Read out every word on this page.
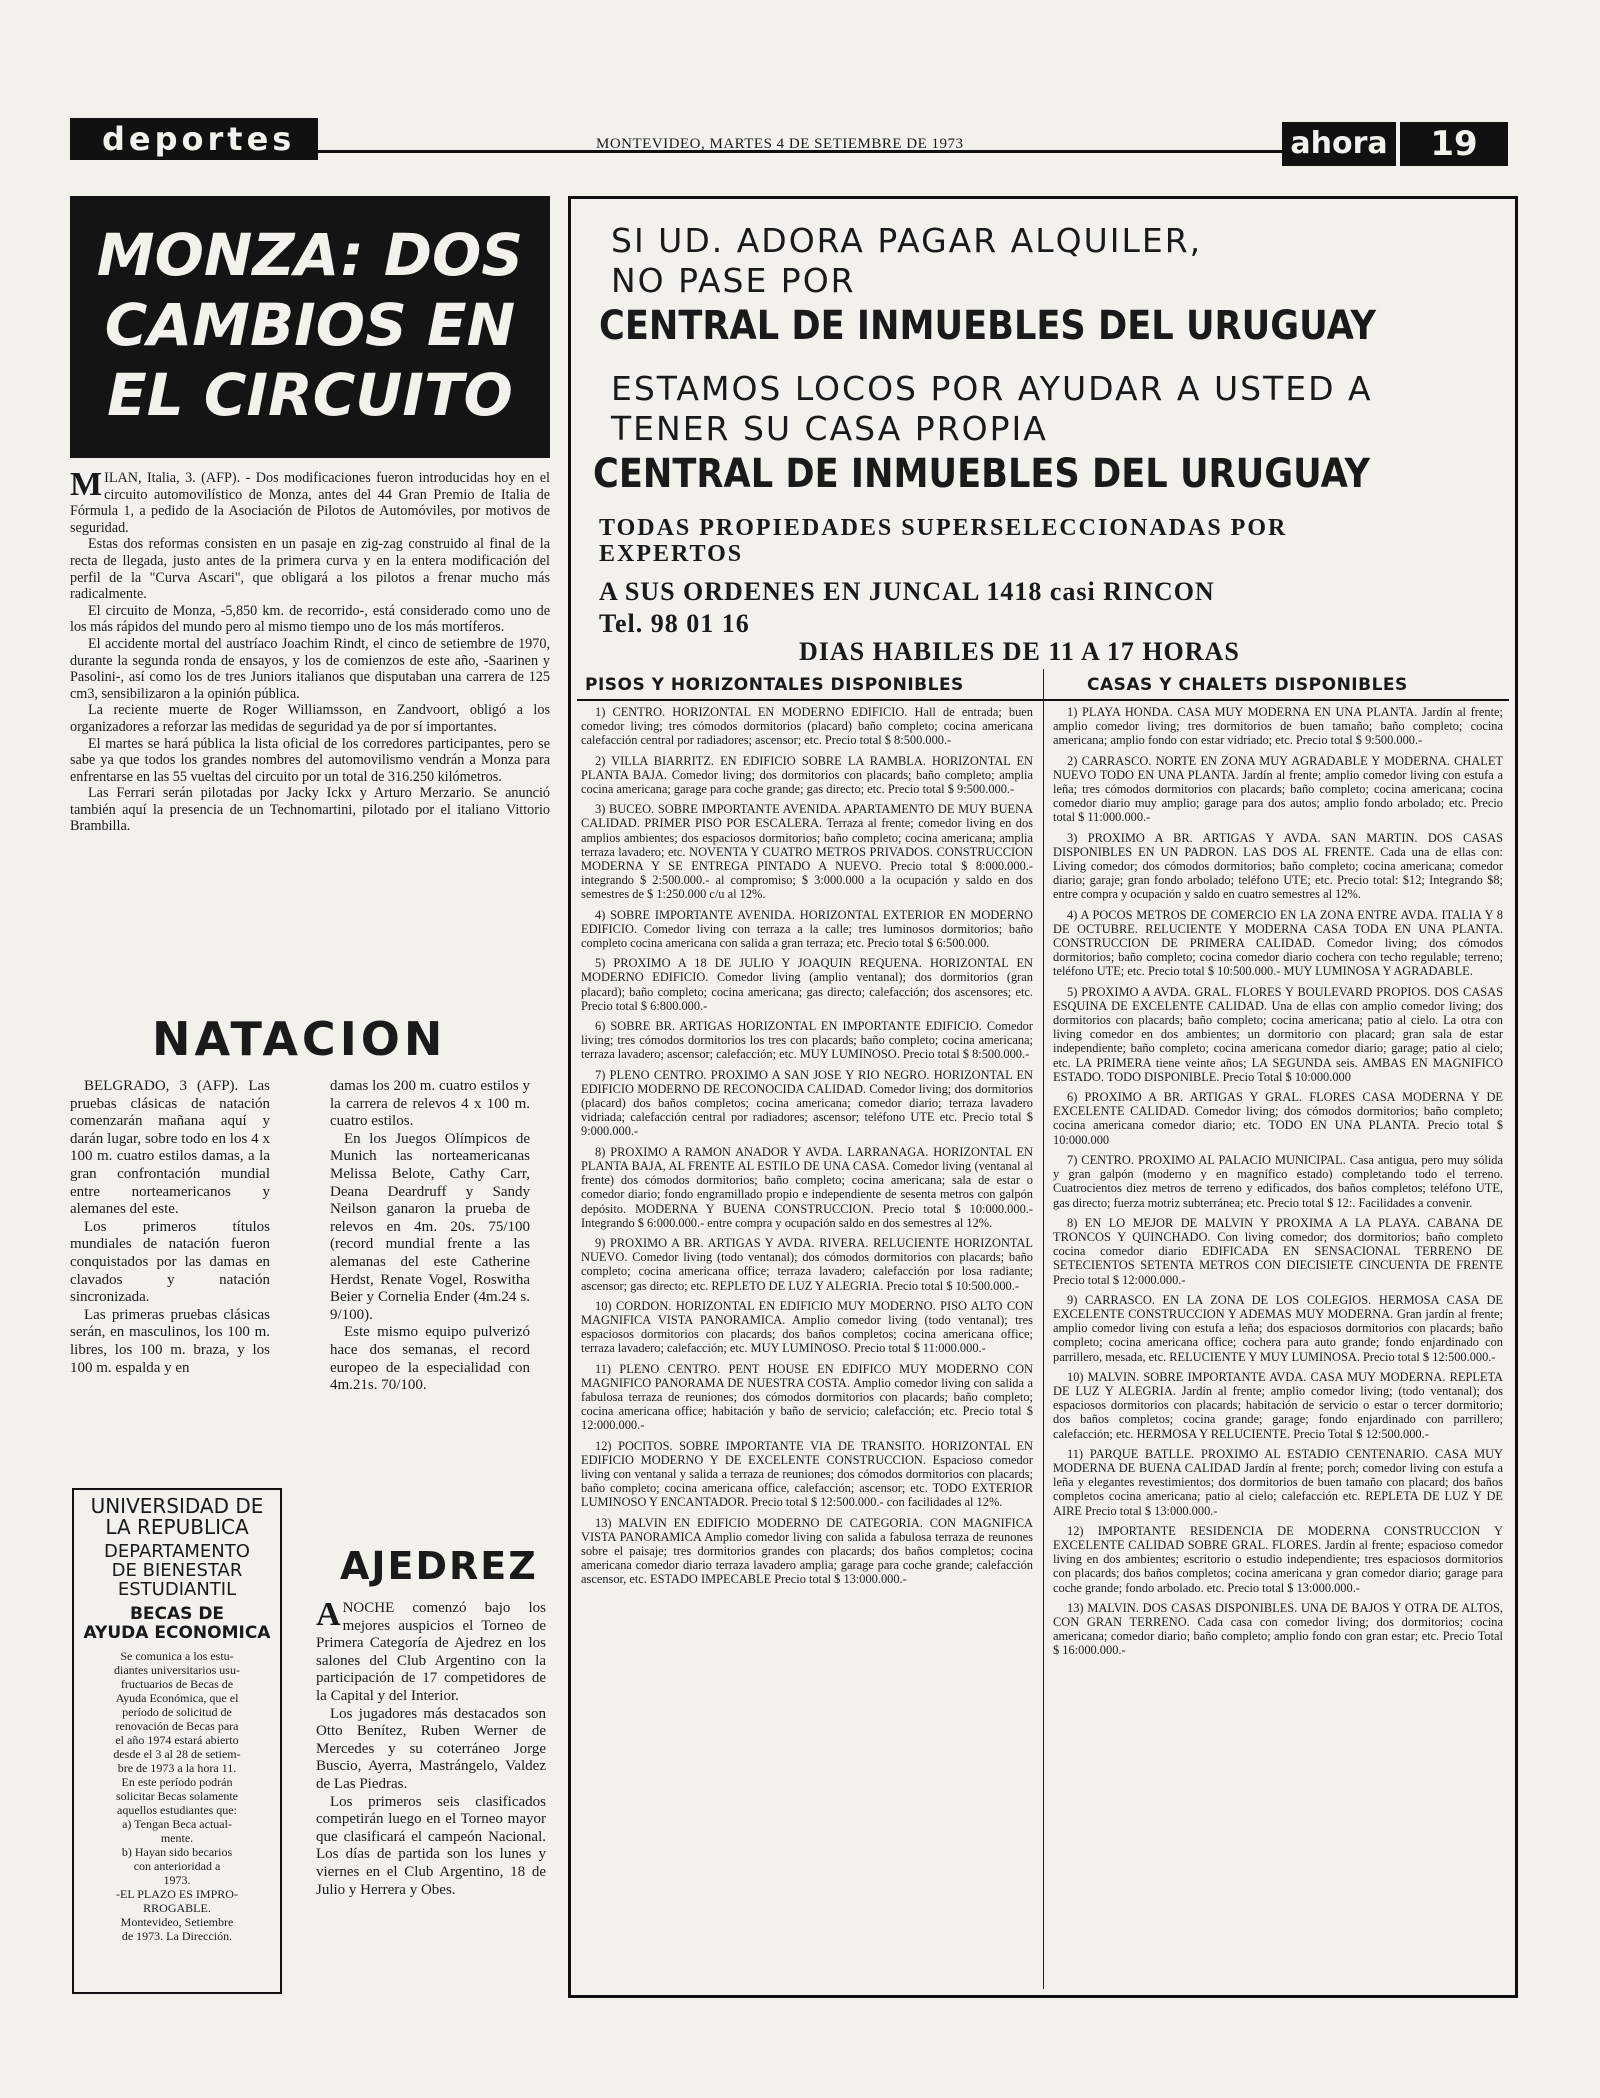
deportes	MONTEVIDEO, MARTES 4 DE SETIEMBRE DE 1973	ahora	19
MONZA: DOS
CAMBIOS EN
EL CIRCUITO

MILAN, Italia, 3. (AFP). - Dos modificaciones fueron introducidas hoy en el circuito automovilístico de Monza, antes del 44 Gran Premio de Italia de Fórmula 1, a pedido de la Asociación de Pilotos de Automóviles, por motivos de seguridad.

Estas dos reformas consisten en un pasaje en zig-zag construido al final de la recta de llegada, justo antes de la primera curva y en la entera modificación del perfil de la "Curva Ascari", que obligará a los pilotos a frenar mucho más radicalmente.

El circuito de Monza, -5,850 km. de recorrido-, está considerado como uno de los más rápidos del mundo pero al mismo tiempo uno de los más mortíferos.

El accidente mortal del austríaco Joachim Rindt, el cinco de setiembre de 1970, durante la segunda ronda de ensayos, y los de comienzos de este año, -Saarinen y Pasolini-, así como los de tres Juniors italianos que disputaban una carrera de 125 cm3, sensibilizaron a la opinión pública.

La reciente muerte de Roger Williamsson, en Zandvoort, obligó a los organizadores a reforzar las medidas de seguridad ya de por sí importantes.

El martes se hará pública la lista oficial de los corredores participantes, pero se sabe ya que todos los grandes nombres del automovilismo vendrán a Monza para enfrentarse en las 55 vueltas del circuito por un total de 316.250 kilómetros.

Las Ferrari serán pilotadas por Jacky Ickx y Arturo Merzario. Se anunció también aquí la presencia de un Technomartini, pilotado por el italiano Vittorio Brambilla.

NATACION

BELGRADO, 3 (AFP). Las pruebas clásicas de natación comenzarán mañana aquí y darán lugar, sobre todo en los 4 x 100 m. cuatro estilos damas, a la gran confrontación mundial entre norteamericanos y alemanes del este.

Los primeros títulos mundiales de natación fueron conquistados por las damas en clavados y natación sincronizada.

Las primeras pruebas clásicas serán, en masculinos, los 100 m. libres, los 100 m. braza, y los 100 m. espalda y en

damas los 200 m. cuatro estilos y la carrera de relevos 4 x 100 m. cuatro estilos.

En los Juegos Olímpicos de Munich las norteamericanas Melissa Belote, Cathy Carr, Deana Deardruff y Sandy Neilson ganaron la prueba de relevos en 4m. 20s. 75/100 (record mundial frente a las alemanas del este Catherine Herdst, Renate Vogel, Roswitha Beier y Cornelia Ender (4m.24 s. 9/100).

Este mismo equipo pulverizó hace dos semanas, el record europeo de la especialidad con 4m.21s. 70/100.

UNIVERSIDAD DE
LA REPUBLICA
DEPARTAMENTO
DE BIENESTAR
ESTUDIANTIL
BECAS DE
AYUDA ECONOMICA
Se comunica a los estu-
diantes universitarios usu-
fructuarios de Becas de
Ayuda Económica, que el
período de solicitud de
renovación de Becas para
el año 1974 estará abierto
desde el 3 al 28 de setiem-
bre de 1973 a la hora 11.
En este período podrán
solicitar Becas solamente
aquellos estudiantes que:
a) Tengan Beca actual-
mente.
b) Hayan sido becarios
con anterioridad a
1973.
-EL PLAZO ES IMPRO-
RROGABLE.
Montevideo, Setiembre
de 1973. La Dirección.
AJEDREZ

ANOCHE comenzó bajo los mejores auspicios el Torneo de Primera Categoría de Ajedrez en los salones del Club Argentino con la participación de 17 competidores de la Capital y del Interior.

Los jugadores más destacados son Otto Benítez, Ruben Werner de Mercedes y su coterráneo Jorge Buscio, Ayerra, Mastrángelo, Valdez de Las Piedras.

Los primeros seis clasificados competirán luego en el Torneo mayor que clasificará el campeón Nacional. Los días de partida son los lunes y viernes en el Club Argentino, 18 de Julio y Herrera y Obes.

SI UD. ADORA PAGAR ALQUILER,
NO PASE POR
CENTRAL DE INMUEBLES DEL URUGUAY
ESTAMOS LOCOS POR AYUDAR A USTED A
TENER SU CASA PROPIA
CENTRAL DE INMUEBLES DEL URUGUAY
TODAS PROPIEDADES SUPERSELECCIONADAS POR
EXPERTOS
A SUS ORDENES EN JUNCAL 1418 casi RINCON
Tel. 98 01 16
DIAS HABILES DE 11 A 17 HORAS
PISOS Y HORIZONTALES DISPONIBLES	CASAS Y CHALETS DISPONIBLES

1) CENTRO. HORIZONTAL EN MODERNO EDIFICIO. Hall de entrada; buen comedor living; tres cómodos dormitorios (placard) baño completo; cocina americana calefacción central por radiadores; ascensor; etc. Precio total $ 8:500.000.-

2) VILLA BIARRITZ. EN EDIFICIO SOBRE LA RAMBLA. HORIZONTAL EN PLANTA BAJA. Comedor living; dos dormitorios con placards; baño completo; amplia cocina americana; garage para coche grande; gas directo; etc. Precio total $ 9:500.000.-

3) BUCEO. SOBRE IMPORTANTE AVENIDA. APARTAMENTO DE MUY BUENA CALIDAD. PRIMER PISO POR ESCALERA. Terraza al frente; comedor living en dos amplios ambientes; dos espaciosos dormitorios; baño completo; cocina americana; amplia terraza lavadero; etc. NOVENTA Y CUATRO METROS PRIVADOS. CONSTRUCCION MODERNA Y SE ENTREGA PINTADO A NUEVO. Precio total $ 8:000.000.- integrando $ 2:500.000.- al compromiso; $ 3:000.000 a la ocupación y saldo en dos semestres de $ 1:250.000 c/u al 12%.

4) SOBRE IMPORTANTE AVENIDA. HORIZONTAL EXTERIOR EN MODERNO EDIFICIO. Comedor living con terraza a la calle; tres luminosos dormitorios; baño completo cocina americana con salida a gran terraza; etc. Precio total $ 6:500.000.

5) PROXIMO A 18 DE JULIO Y JOAQUIN REQUENA. HORIZONTAL EN MODERNO EDIFICIO. Comedor living (amplio ventanal); dos dormitorios (gran placard); baño completo; cocina americana; gas directo; calefacción; dos ascensores; etc. Precio total $ 6:800.000.-

6) SOBRE BR. ARTIGAS HORIZONTAL EN IMPORTANTE EDIFICIO. Comedor living; tres cómodos dormitorios los tres con placards; baño completo; cocina americana; terraza lavadero; ascensor; calefacción; etc. MUY LUMINOSO. Precio total $ 8:500.000.-

7) PLENO CENTRO. PROXIMO A SAN JOSE Y RIO NEGRO. HORIZONTAL EN EDIFICIO MODERNO DE RECONOCIDA CALIDAD. Comedor living; dos dormitorios (placard) dos baños completos; cocina americana; comedor diario; terraza lavadero vidriada; calefacción central por radiadores; ascensor; teléfono UTE etc. Precio total $ 9:000.000.-

8) PROXIMO A RAMON ANADOR Y AVDA. LARRANAGA. HORIZONTAL EN PLANTA BAJA, AL FRENTE AL ESTILO DE UNA CASA. Comedor living (ventanal al frente) dos cómodos dormitorios; baño completo; cocina americana; sala de estar o comedor diario; fondo engramillado propio e independiente de sesenta metros con galpón depósito. MODERNA Y BUENA CONSTRUCCION. Precio total $ 10:000.000.- Integrando $ 6:000.000.- entre compra y ocupación saldo en dos semestres al 12%.

9) PROXIMO A BR. ARTIGAS Y AVDA. RIVERA. RELUCIENTE HORIZONTAL NUEVO. Comedor living (todo ventanal); dos cómodos dormitorios con placards; baño completo; cocina americana office; terraza lavadero; calefacción por losa radiante; ascensor; gas directo; etc. REPLETO DE LUZ Y ALEGRIA. Precio total $ 10:500.000.-

10) CORDON. HORIZONTAL EN EDIFICIO MUY MODERNO. PISO ALTO CON MAGNIFICA VISTA PANORAMICA. Amplio comedor living (todo ventanal); tres espaciosos dormitorios con placards; dos baños completos; cocina americana office; terraza lavadero; calefacción; etc. MUY LUMINOSO. Precio total $ 11:000.000.-

11) PLENO CENTRO. PENT HOUSE EN EDIFICO MUY MODERNO CON MAGNIFICO PANORAMA DE NUESTRA COSTA. Amplio comedor living con salida a fabulosa terraza de reuniones; dos cómodos dormitorios con placards; baño completo; cocina americana office; habitación y baño de servicio; calefacción; etc. Precio total $ 12:000.000.-

12) POCITOS. SOBRE IMPORTANTE VIA DE TRANSITO. HORIZONTAL EN EDIFICIO MODERNO Y DE EXCELENTE CONSTRUCCION. Espacioso comedor living con ventanal y salida a terraza de reuniones; dos cómodos dormitorios con placards; baño completo; cocina americana office, calefacción; ascensor; etc. TODO EXTERIOR LUMINOSO Y ENCANTADOR. Precio total $ 12:500.000.- con facilidades al 12%.

13) MALVIN EN EDIFICIO MODERNO DE CATEGORIA. CON MAGNIFICA VISTA PANORAMICA Amplio comedor living con salida a fabulosa terraza de reunones sobre el paisaje; tres dormitorios grandes con placards; dos baños completos; cocina americana comedor diario terraza lavadero amplia; garage para coche grande; calefacción ascensor, etc. ESTADO IMPECABLE Precio total $ 13:000.000.-

1) PLAYA HONDA. CASA MUY MODERNA EN UNA PLANTA. Jardín al frente; amplio comedor living; tres dormitorios de buen tamaño; baño completo; cocina americana; amplio fondo con estar vidriado; etc. Precio total $ 9:500.000.-

2) CARRASCO. NORTE EN ZONA MUY AGRADABLE Y MODERNA. CHALET NUEVO TODO EN UNA PLANTA. Jardín al frente; amplio comedor living con estufa a leña; tres cómodos dormitorios con placards; baño completo; cocina americana; cocina comedor diario muy amplio; garage para dos autos; amplio fondo arbolado; etc. Precio total $ 11:000.000.-

3) PROXIMO A BR. ARTIGAS Y AVDA. SAN MARTIN. DOS CASAS DISPONIBLES EN UN PADRON. LAS DOS AL FRENTE. Cada una de ellas con: Living comedor; dos cómodos dormitorios; baño completo; cocina americana; comedor diario; garaje; gran fondo arbolado; teléfono UTE; etc. Precio total: $12; Integrando $8; entre compra y ocupación y saldo en cuatro semestres al 12%.

4) A POCOS METROS DE COMERCIO EN LA ZONA ENTRE AVDA. ITALIA Y 8 DE OCTUBRE. RELUCIENTE Y MODERNA CASA TODA EN UNA PLANTA. CONSTRUCCION DE PRIMERA CALIDAD. Comedor living; dos cómodos dormitorios; baño completo; cocina comedor diario cochera con techo regulable; terreno; teléfono UTE; etc. Precio total $ 10:500.000.- MUY LUMINOSA Y AGRADABLE.

5) PROXIMO A AVDA. GRAL. FLORES Y BOULEVARD PROPIOS. DOS CASAS ESQUINA DE EXCELENTE CALIDAD. Una de ellas con amplio comedor living; dos dormitorios con placards; baño completo; cocina americana; patio al cielo. La otra con living comedor en dos ambientes; un dormitorio con placard; gran sala de estar independiente; baño completo; cocina americana comedor diario; garage; patio al cielo; etc. LA PRIMERA tiene veinte años; LA SEGUNDA seis. AMBAS EN MAGNIFICO ESTADO. TODO DISPONIBLE. Precio Total $ 10:000.000

6) PROXIMO A BR. ARTIGAS Y GRAL. FLORES CASA MODERNA Y DE EXCELENTE CALIDAD. Comedor living; dos cómodos dormitorios; baño completo; cocina americana comedor diario; etc. TODO EN UNA PLANTA. Precio total $ 10:000.000

7) CENTRO. PROXIMO AL PALACIO MUNICIPAL. Casa antigua, pero muy sólida y gran galpón (moderno y en magnífico estado) completando todo el terreno. Cuatrocientos diez metros de terreno y edificados, dos baños completos; teléfono UTE, gas directo; fuerza motriz subterránea; etc. Precio total $ 12:. Facilidades a convenir.

8) EN LO MEJOR DE MALVIN Y PROXIMA A LA PLAYA. CABANA DE TRONCOS Y QUINCHADO. Con living comedor; dos dormitorios; baño completo cocina comedor diario EDIFICADA EN SENSACIONAL TERRENO DE SETECIENTOS SETENTA METROS CON DIECISIETE CINCUENTA DE FRENTE Precio total $ 12:000.000.-

9) CARRASCO. EN LA ZONA DE LOS COLEGIOS. HERMOSA CASA DE EXCELENTE CONSTRUCCION Y ADEMAS MUY MODERNA. Gran jardín al frente; amplio comedor living con estufa a leña; dos espaciosos dormitorios con placards; baño completo; cocina americana office; cochera para auto grande; fondo enjardinado con parrillero, mesada, etc. RELUCIENTE Y MUY LUMINOSA. Precio total $ 12:500.000.-

10) MALVIN. SOBRE IMPORTANTE AVDA. CASA MUY MODERNA. REPLETA DE LUZ Y ALEGRIA. Jardín al frente; amplio comedor living; (todo ventanal); dos espaciosos dormitorios con placards; habitación de servicio o estar o tercer dormitorio; dos baños completos; cocina grande; garage; fondo enjardinado con parrillero; calefacción; etc. HERMOSA Y RELUCIENTE. Precio Total $ 12:500.000.-

11) PARQUE BATLLE. PROXIMO AL ESTADIO CENTENARIO. CASA MUY MODERNA DE BUENA CALIDAD Jardín al frente; porch; comedor living con estufa a leña y elegantes revestimientos; dos dormitorios de buen tamaño con placard; dos baños completos cocina americana; patio al cielo; calefacción etc. REPLETA DE LUZ Y DE AIRE Precio total $ 13:000.000.-

12) IMPORTANTE RESIDENCIA DE MODERNA CONSTRUCCION Y EXCELENTE CALIDAD SOBRE GRAL. FLORES. Jardín al frente; espacioso comedor living en dos ambientes; escritorio o estudio independiente; tres espaciosos dormitorios con placards; dos baños completos; cocina americana y gran comedor diario; garage para coche grande; fondo arbolado. etc. Precio total $ 13:000.000.-

13) MALVIN. DOS CASAS DISPONIBLES. UNA DE BAJOS Y OTRA DE ALTOS, CON GRAN TERRENO. Cada casa con comedor living; dos dormitorios; cocina americana; comedor diario; baño completo; amplio fondo con gran estar; etc. Precio Total $ 16:000.000.-
